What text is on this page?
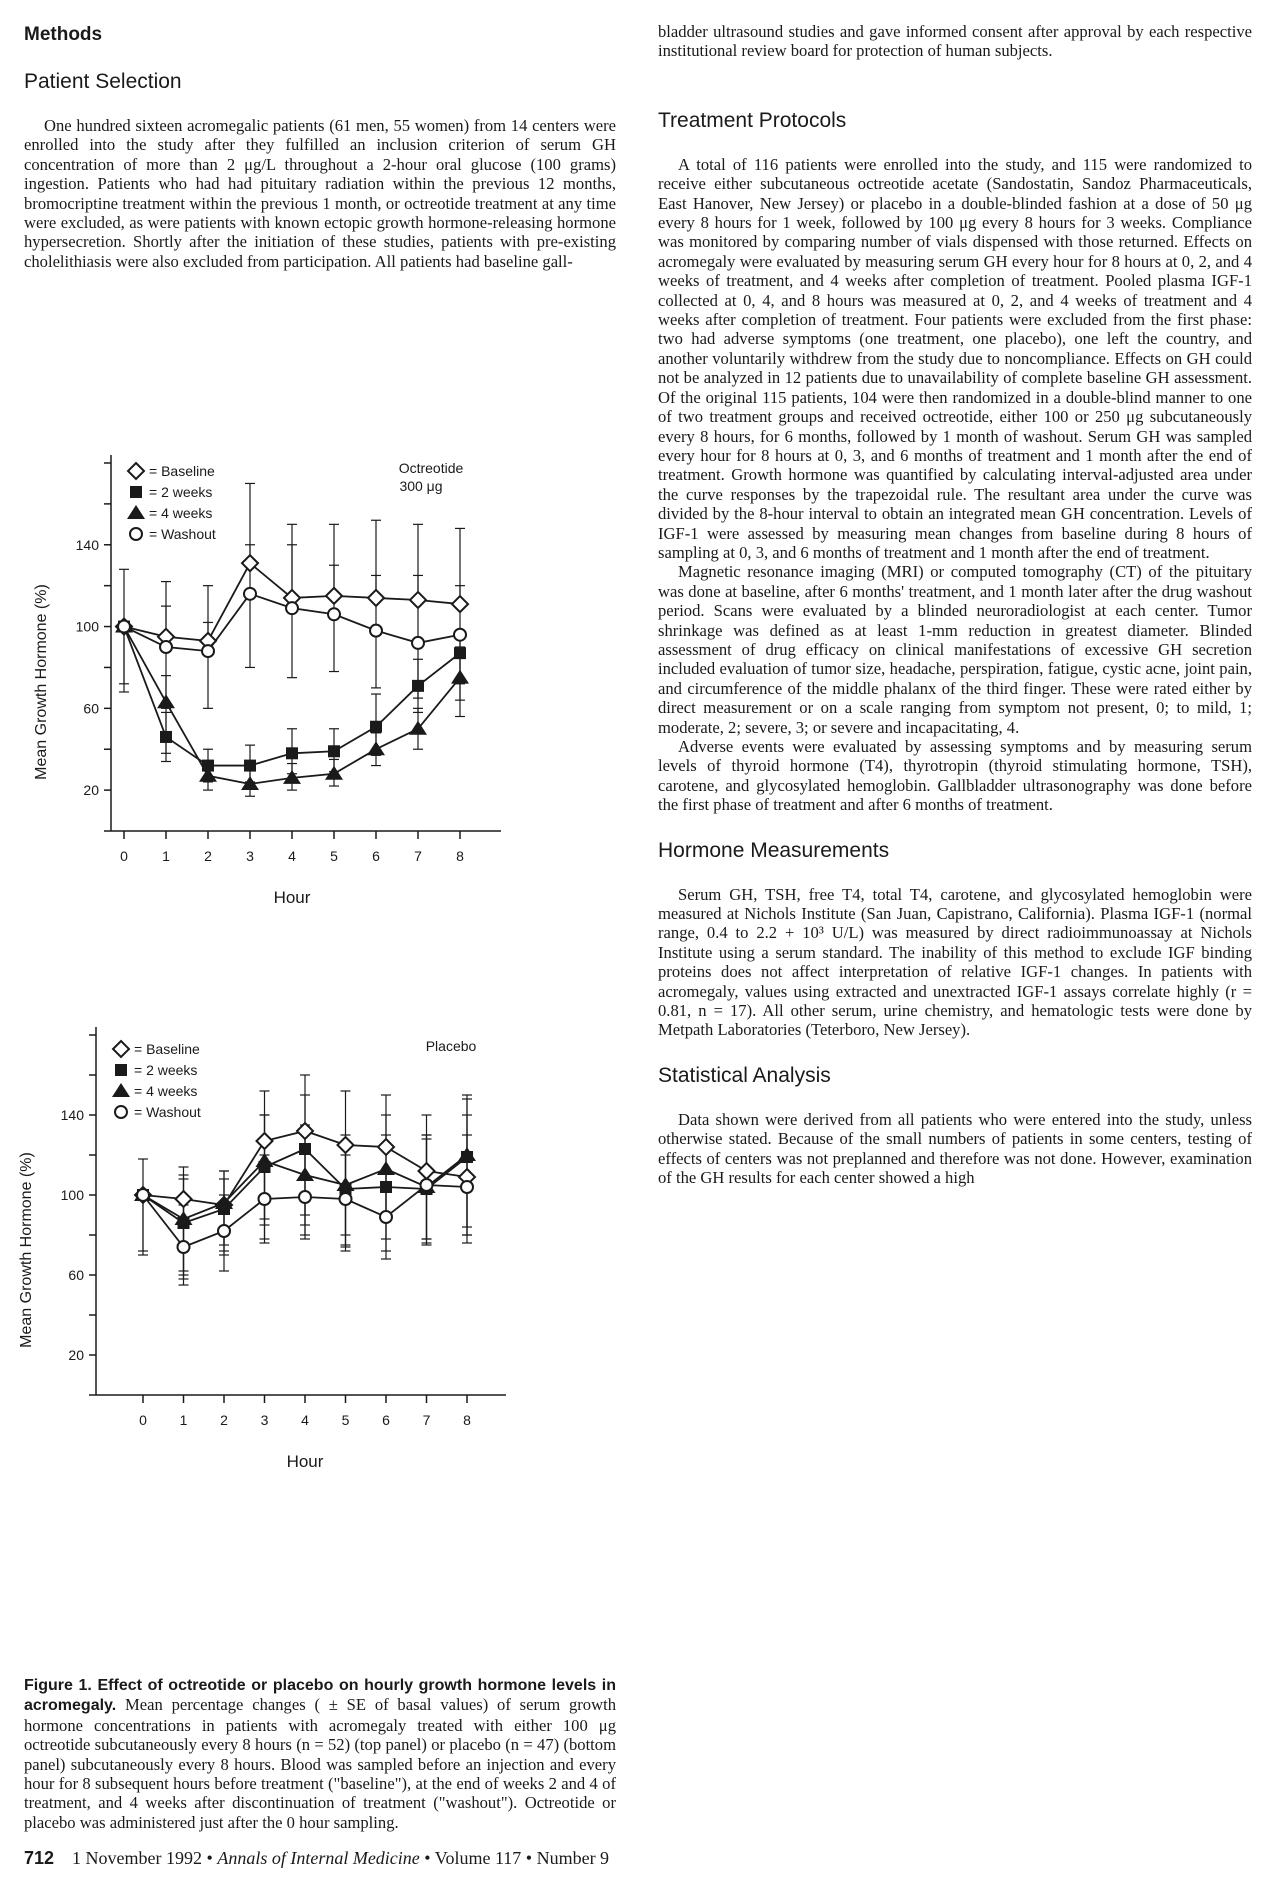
Methods
Patient Selection

One hundred sixteen acromegalic patients (61 men, 55 women) from 14 centers were enrolled into the study after they fulfilled an inclusion criterion of serum GH concentration of more than 2 μg/L throughout a 2-hour oral glucose (100 grams) ingestion. Patients who had had pituitary radiation within the previous 12 months, bromocriptine treatment within the previous 1 month, or octreotide treatment at any time were excluded, as were patients with known ectopic growth hormone-releasing hormone hypersecretion. Shortly after the initiation of these studies, patients with pre-existing cholelithiasis were also excluded from participation. All patients had baseline gall-

20
60
100
140
0 1 2 3 4 5 6 7 8
Hour
Mean Growth Hormone (%)
Octreotide
300 μg
= Baseline
= 2 weeks
= 4 weeks
= Washout
20
60
100
140
0 1 2 3 4 5 6 7 8
Hour
Mean Growth Hormone (%)
Placebo
= Baseline
= 2 weeks
= 4 weeks
= Washout

Figure 1. Effect of octreotide or placebo on hourly growth hormone levels in acromegaly. Mean percentage changes ( ± SE of basal values) of serum growth hormone concentrations in patients with acromegaly treated with either 100 μg octreotide subcutaneously every 8 hours (n = 52) (top panel) or placebo (n = 47) (bottom panel) subcutaneously every 8 hours. Blood was sampled before an injection and every hour for 8 subsequent hours before treatment ("baseline"), at the end of weeks 2 and 4 of treatment, and 4 weeks after discontinuation of treatment ("washout"). Octreotide or placebo was administered just after the 0 hour sampling.

bladder ultrasound studies and gave informed consent after approval by each respective institutional review board for protection of human subjects.

Treatment Protocols

A total of 116 patients were enrolled into the study, and 115 were randomized to receive either subcutaneous octreotide acetate (Sandostatin, Sandoz Pharmaceuticals, East Hanover, New Jersey) or placebo in a double-blinded fashion at a dose of 50 μg every 8 hours for 1 week, followed by 100 μg every 8 hours for 3 weeks. Compliance was monitored by comparing number of vials dispensed with those returned. Effects on acromegaly were evaluated by measuring serum GH every hour for 8 hours at 0, 2, and 4 weeks of treatment, and 4 weeks after completion of treatment. Pooled plasma IGF-1 collected at 0, 4, and 8 hours was measured at 0, 2, and 4 weeks of treatment and 4 weeks after completion of treatment. Four patients were excluded from the first phase: two had adverse symptoms (one treatment, one placebo), one left the country, and another voluntarily withdrew from the study due to noncompliance. Effects on GH could not be analyzed in 12 patients due to unavailability of complete baseline GH assessment. Of the original 115 patients, 104 were then randomized in a double-blind manner to one of two treatment groups and received octreotide, either 100 or 250 μg subcutaneously every 8 hours, for 6 months, followed by 1 month of washout. Serum GH was sampled every hour for 8 hours at 0, 3, and 6 months of treatment and 1 month after the end of treatment. Growth hormone was quantified by calculating interval-adjusted area under the curve responses by the trapezoidal rule. The resultant area under the curve was divided by the 8-hour interval to obtain an integrated mean GH concentration. Levels of IGF-1 were assessed by measuring mean changes from baseline during 8 hours of sampling at 0, 3, and 6 months of treatment and 1 month after the end of treatment.

Magnetic resonance imaging (MRI) or computed tomography (CT) of the pituitary was done at baseline, after 6 months' treatment, and 1 month later after the drug washout period. Scans were evaluated by a blinded neuroradiologist at each center. Tumor shrinkage was defined as at least 1-mm reduction in greatest diameter. Blinded assessment of drug efficacy on clinical manifestations of excessive GH secretion included evaluation of tumor size, headache, perspiration, fatigue, cystic acne, joint pain, and circumference of the middle phalanx of the third finger. These were rated either by direct measurement or on a scale ranging from symptom not present, 0; to mild, 1; moderate, 2; severe, 3; or severe and incapacitating, 4.

Adverse events were evaluated by assessing symptoms and by measuring serum levels of thyroid hormone (T4), thyrotropin (thyroid stimulating hormone, TSH), carotene, and glycosylated hemoglobin. Gallbladder ultrasonography was done before the first phase of treatment and after 6 months of treatment.

Hormone Measurements

Serum GH, TSH, free T4, total T4, carotene, and glycosylated hemoglobin were measured at Nichols Institute (San Juan, Capistrano, California). Plasma IGF-1 (normal range, 0.4 to 2.2 + 10³ U/L) was measured by direct radioimmunoassay at Nichols Institute using a serum standard. The inability of this method to exclude IGF binding proteins does not affect interpretation of relative IGF-1 changes. In patients with acromegaly, values using extracted and unextracted IGF-1 assays correlate highly (r = 0.81, n = 17). All other serum, urine chemistry, and hematologic tests were done by Metpath Laboratories (Teterboro, New Jersey).

Statistical Analysis

Data shown were derived from all patients who were entered into the study, unless otherwise stated. Because of the small numbers of patients in some centers, testing of effects of centers was not preplanned and therefore was not done. However, examination of the GH results for each center showed a high

712 1 November 1992 • Annals of Internal Medicine • Volume 117 • Number 9
